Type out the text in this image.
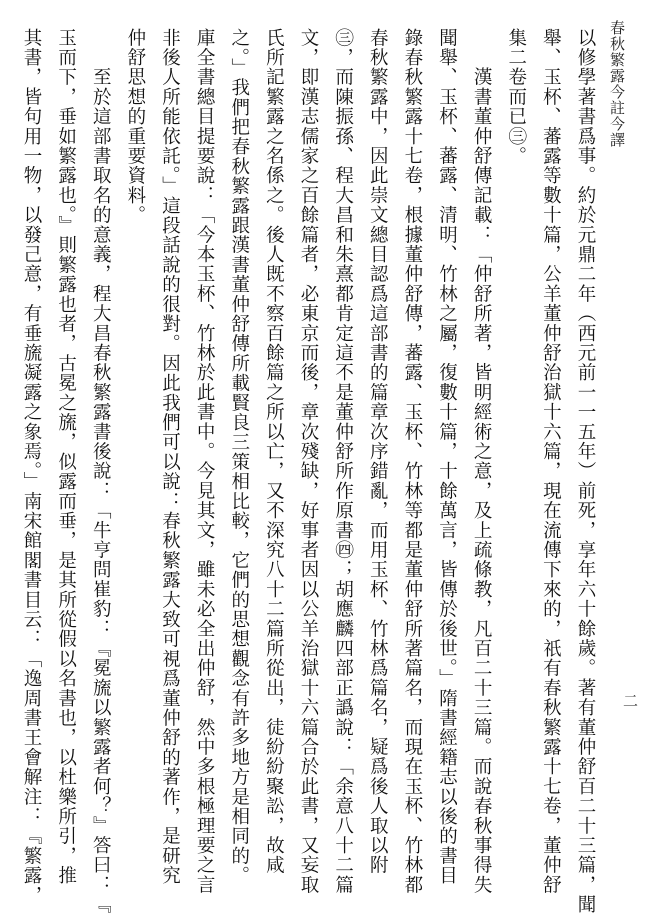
春秋繁露今註今譯
二
以修學著書爲事。約於元鼎二年（西元前一一五年）前死，享年六十餘歲。著有董仲舒百二十三篇，聞
舉、玉杯、蕃露等數十篇，公羊董仲舒治獄十六篇，現在流傳下來的，祇有春秋繁露十七卷，董仲舒
集二卷而已㊂。
　　漢書董仲舒傳記載：「仲舒所著，皆明經術之意，及上疏條教，凡百二十三篇。而說春秋事得失
聞舉、玉杯、蕃露、清明、竹林之屬，復數十篇，十餘萬言，皆傳於後世。」隋書經籍志以後的書目
錄春秋繁露十七卷，根據董仲舒傳，蕃露、玉杯、竹林等都是董仲舒所著篇名，而現在玉杯、竹林都
春秋繁露中，因此崇文總目認爲這部書的篇章次序錯亂，而用玉杯、竹林爲篇名，疑爲後人取以附
㊂，而陳振孫、程大昌和朱熹都肯定這不是董仲舒所作原書㊃；胡應麟四部正譌說：「余意八十二篇
文，即漢志儒家之百餘篇者，必東京而後，章次殘缺，好事者因以公羊治獄十六篇合於此書，又妄取
氏所記繁露之名係之。後人既不察百餘篇之所以亡，又不深究八十二篇所從出，徒紛紛聚訟，故咸
之。」我們把春秋繁露跟漢書董仲舒傳所載賢良三策相比較，它們的思想觀念有許多地方是相同的。
庫全書總目提要說：「今本玉杯、竹林於此書中。今見其文，雖未必全出仲舒，然中多根極理要之言
非後人所能依託。」這段話說的很對。因此我們可以說：春秋繁露大致可視爲董仲舒的著作，是研究
仲舒思想的重要資料。
　　至於這部書取名的意義，程大昌春秋繁露書後說：「牛亨問崔豹：『冕旒以繁露者何？』答曰：『
玉而下，垂如繁露也。』則繁露也者，古冕之旒，似露而垂，是其所從假以名書也，以杜樂所引，推
其書，皆句用一物，以發己意，有垂旒凝露之象焉。」南宋館閣書目云：「逸周書王會解注：『繁露，
